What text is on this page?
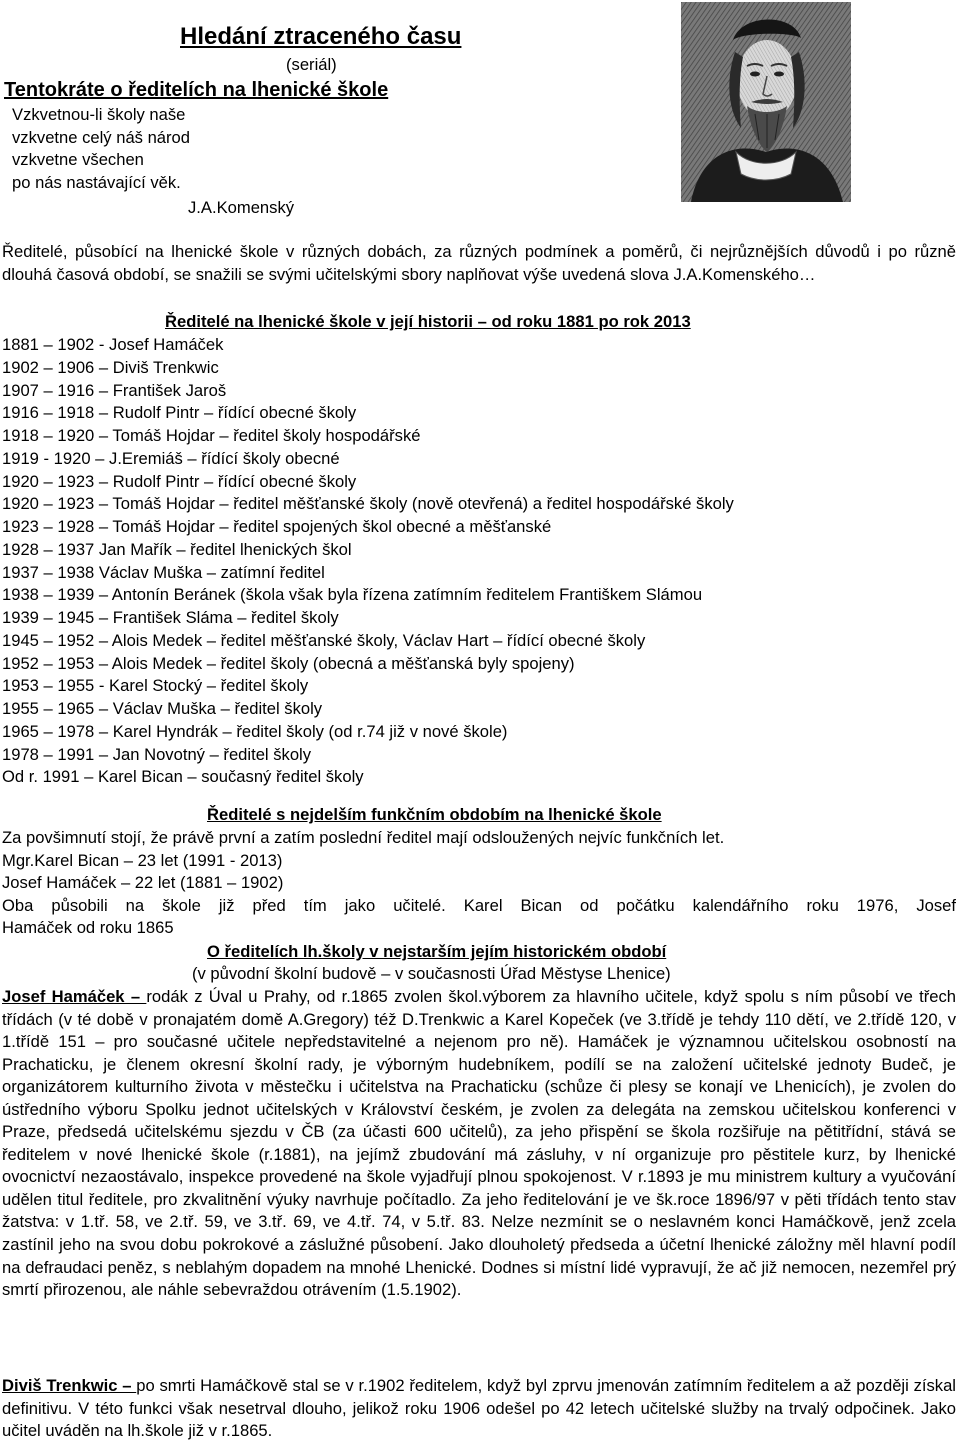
Hledání ztraceného času
(seriál)
Tentokráte o ředitelích na lhenické škole
Vzkvetnou-li školy naše
vzkvetne celý náš národ
vzkvetne všechen
po nás nastávající věk.
J.A.Komenský

Ředitelé, působící na lhenické škole v různých dobách, za různých podmínek a poměrů, či nejrůznějších důvodů i po různě dlouhá časová období, se snažili se svými učitelskými sbory naplňovat výše uvedená slova J.A.Komenského…

Ředitelé na lhenické škole v její historii – od roku 1881 po rok 2013
1881 – 1902 - Josef Hamáček
1902 – 1906 – Diviš Trenkwic
1907 – 1916 – František Jaroš
1916 – 1918 – Rudolf Pintr – řídící obecné školy
1918 – 1920 – Tomáš Hojdar – ředitel školy hospodářské
1919 - 1920 – J.Eremiáš – řídící školy obecné
1920 – 1923 – Rudolf Pintr – řídící obecné školy
1920 – 1923 – Tomáš Hojdar – ředitel měšťanské školy (nově otevřená) a ředitel hospodářské školy
1923 – 1928 – Tomáš Hojdar – ředitel spojených škol obecné a měšťanské
1928 – 1937 Jan Mařík – ředitel lhenických škol
1937 – 1938 Václav Muška – zatímní ředitel
1938 – 1939 – Antonín Beránek (škola však byla řízena zatímním ředitelem Františkem Slámou
1939 – 1945 – František Sláma – ředitel školy
1945 – 1952 – Alois Medek – ředitel měšťanské školy, Václav Hart – řídící obecné školy
1952 – 1953 – Alois Medek – ředitel školy (obecná a měšťanská byly spojeny)
1953 – 1955 - Karel Stocký – ředitel školy
1955 – 1965 – Václav Muška – ředitel školy
1965 – 1978 – Karel Hyndrák – ředitel školy (od r.74 již v nové škole)
1978 – 1991 – Jan Novotný – ředitel školy
Od r. 1991 – Karel Bican – současný ředitel školy
Ředitelé s nejdelším funkčním obdobím na lhenické škole
Za povšimnutí stojí, že právě první a zatím poslední ředitel mají odsloužených nejvíc funkčních let.
Mgr.Karel Bican – 23 let (1991 - 2013)
Josef Hamáček – 22 let (1881 – 1902)
Oba působili na škole již před tím jako učitelé. Karel Bican od počátku kalendářního roku 1976, Josef
Hamáček od roku 1865
O ředitelích lh.školy v nejstarším jejím historickém období
(v původní školní budově – v současnosti Úřad Městyse Lhenice)

Josef Hamáček – rodák z Úval u Prahy, od r.1865 zvolen škol.výborem za hlavního učitele, když spolu s ním působí ve třech třídách (v té době v pronajatém domě A.Gregory) též D.Trenkwic a Karel Kopeček (ve 3.třídě je tehdy 110 dětí, ve 2.třídě 120, v 1.třídě 151 – pro současné učitele nepředstavitelné a nejenom pro ně). Hamáček je významnou učitelskou osobností na Prachaticku, je členem okresní školní rady, je výborným hudebníkem, podílí se na založení učitelské jednoty Budeč, je organizátorem kulturního života v městečku i učitelstva na Prachaticku (schůze či plesy se konají ve Lhenicích), je zvolen do ústředního výboru Spolku jednot učitelských v Království českém, je zvolen za delegáta na zemskou učitelskou konferenci v Praze, předsedá učitelskému sjezdu v ČB (za účasti 600 učitelů), za jeho přispění se škola rozšiřuje na pětitřídní, stává se ředitelem v nové lhenické škole (r.1881), na jejímž zbudování má zásluhy, v ní organizuje pro pěstitele kurz, by lhenické ovocnictví nezaostávalo, inspekce provedené na škole vyjadřují plnou spokojenost. V r.1893 je mu ministrem kultury a vyučování udělen titul ředitele, pro zkvalitnění výuky navrhuje počítadlo. Za jeho ředitelování je ve šk.roce 1896/97 v pěti třídách tento stav žatstva: v 1.tř. 58, ve 2.tř. 59, ve 3.tř. 69, ve 4.tř. 74, v 5.tř. 83. Nelze nezmínit se o neslavném konci Hamáčkově, jenž zcela zastínil jeho na svou dobu pokrokové a záslužné působení. Jako dlouholetý předseda a účetní lhenické záložny měl hlavní podíl na defraudaci peněz, s neblahým dopadem na mnohé Lhenické. Dodnes si místní lidé vypravují, že ač již nemocen, nezemřel prý smrtí přirozenou, ale náhle sebevraždou otrávením (1.5.1902).

Diviš Trenkwic – po smrti Hamáčkově stal se v r.1902 ředitelem, když byl zprvu jmenován zatímním ředitelem a až později získal definitivu. V této funkci však nesetrval dlouho, jelikož roku 1906 odešel po 42 letech učitelské služby na trvalý odpočinek. Jako učitel uváděn na lh.škole již v r.1865.
